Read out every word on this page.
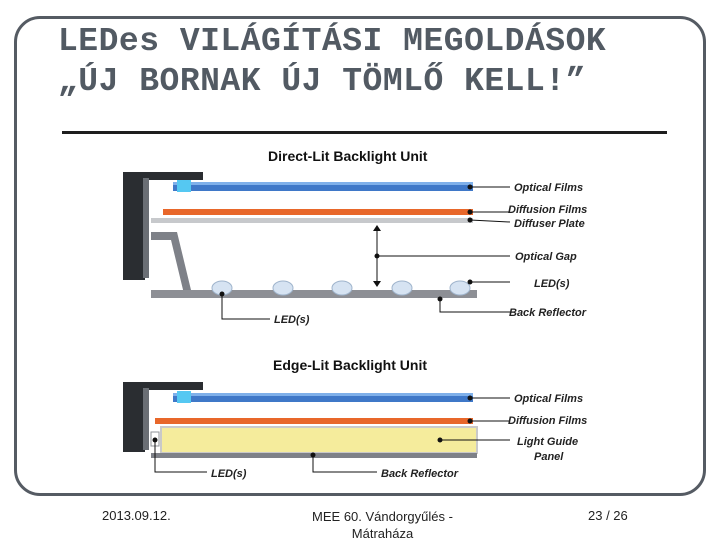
LEDes VILÁGÍTÁSI MEGOLDÁSOK
„ÚJ BORNAK ÚJ TÖMLŐ KELL!”
Direct-Lit Backlight Unit
Optical Films
Diffusion Films
Diffuser Plate
Optical Gap
LED(s)
Back Reflector
LED(s)
Edge-Lit Backlight Unit
Optical Films
Diffusion Films
Light Guide
Panel
LED(s)	Back Reflector
2013.09.12.	MEE 60. Vándorgyűlés -
Mátraháza
23 / 26
